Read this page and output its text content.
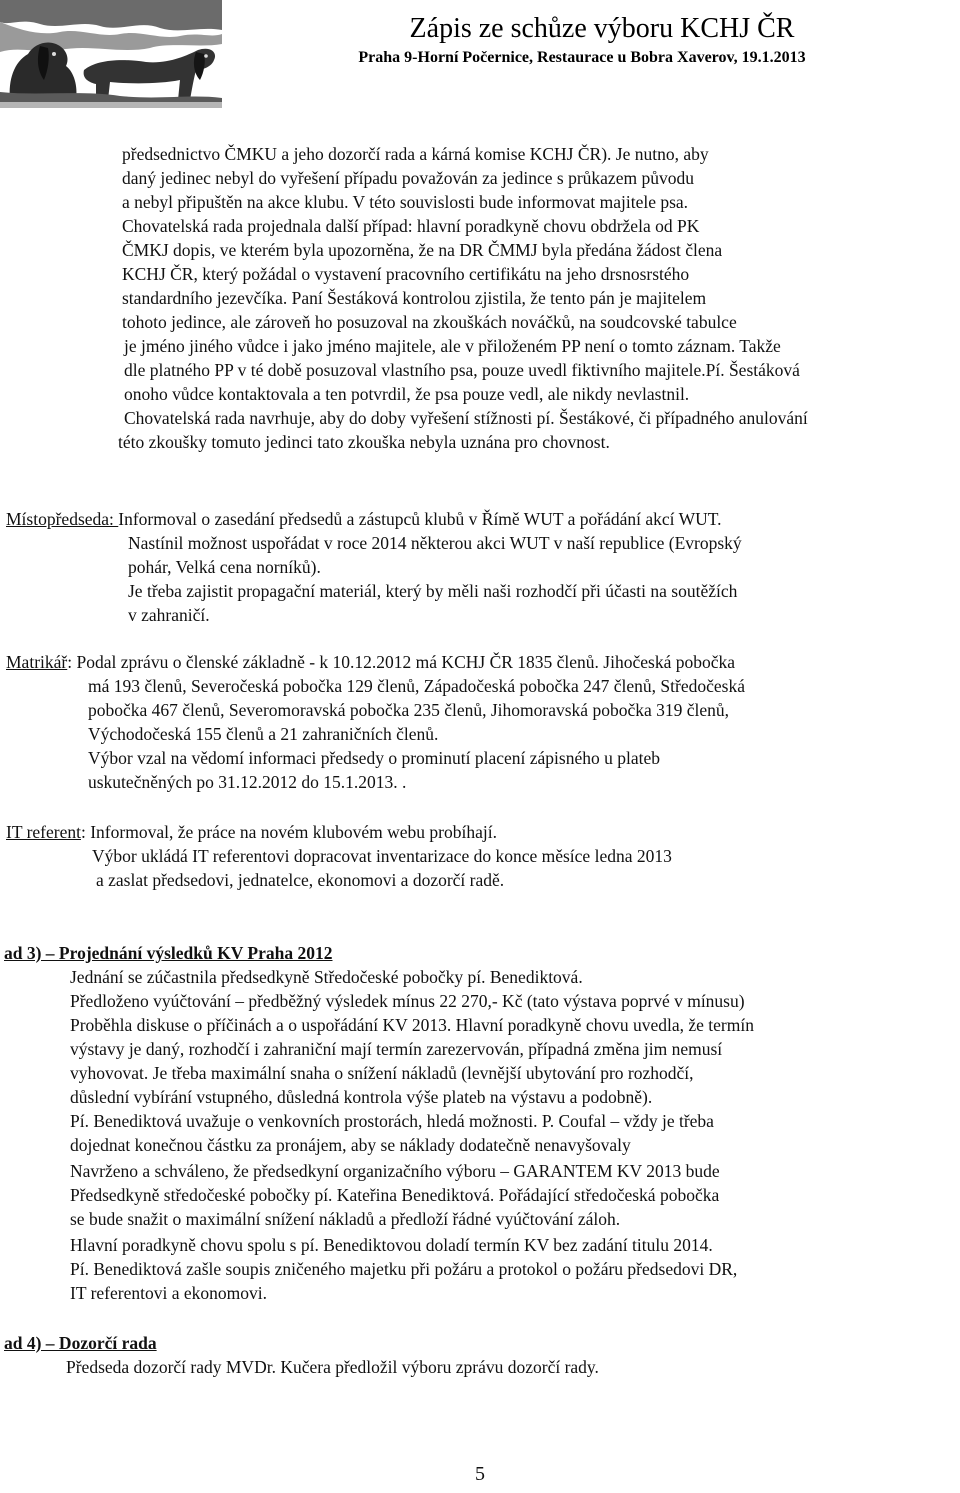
Zápis ze schůze výboru KCHJ ČR
Praha 9-Horní Počernice, Restaurace u Bobra Xaverov, 19.1.2013
předsednictvo ČMKU a jeho dozorčí rada a kárná komise KCHJ ČR). Je nutno, aby
daný jedinec nebyl do vyřešení případu považován za jedince s průkazem původu
a nebyl připuštěn na akce klubu. V této souvislosti bude informovat majitele psa.
Chovatelská rada projednala další případ: hlavní poradkyně chovu obdržela od PK
ČMKJ dopis, ve kterém byla upozorněna, že na DR ČMMJ byla předána žádost člena
KCHJ ČR, který požádal o vystavení pracovního certifikátu na jeho drsnosrstého
standardního jezevčíka. Paní Šestáková kontrolou zjistila, že tento pán je majitelem
tohoto jedince, ale zároveň ho posuzoval na zkouškách nováčků, na soudcovské tabulce
je jméno jiného vůdce i jako jméno majitele, ale v přiloženém PP není o tomto záznam. Takže
dle platného PP v té době posuzoval vlastního psa, pouze uvedl fiktivního majitele.Pí. Šestáková
onoho vůdce kontaktovala a ten potvrdil, že psa pouze vedl, ale nikdy nevlastnil.
Chovatelská rada navrhuje, aby do doby vyřešení stížnosti pí. Šestákové, či případného anulování
této zkoušky tomuto jedinci tato zkouška nebyla uznána pro chovnost.
Místopředseda: Informoval o zasedání předsedů a zástupců klubů v Římě WUT a pořádání akcí WUT.
Nastínil možnost uspořádat v roce 2014 některou akci WUT v naší republice (Evropský
pohár, Velká cena norníků).
Je třeba zajistit propagační materiál, který by měli naši rozhodčí při účasti na soutěžích
v zahraničí.
Matrikář: Podal zprávu o členské základně - k 10.12.2012 má KCHJ ČR 1835 členů. Jihočeská pobočka
má 193 členů, Severočeská pobočka 129 členů, Západočeská pobočka 247 členů, Středočeská
pobočka 467 členů, Severomoravská pobočka 235 členů, Jihomoravská pobočka 319 členů,
Východočeská 155 členů a 21 zahraničních členů.
Výbor vzal na vědomí informaci předsedy o prominutí placení zápisného u plateb
uskutečněných po 31.12.2012 do 15.1.2013. .
IT referent: Informoval, že práce na novém klubovém webu probíhají.
Výbor ukládá IT referentovi dopracovat inventarizace do konce měsíce ledna 2013
a zaslat předsedovi, jednatelce, ekonomovi a dozorčí radě.
ad 3) – Projednání výsledků KV Praha 2012
Jednání se zúčastnila předsedkyně Středočeské pobočky pí. Benediktová.
Předloženo vyúčtování – předběžný výsledek mínus 22 270,- Kč (tato výstava poprvé v mínusu)
Proběhla diskuse o příčinách a o uspořádání KV 2013. Hlavní poradkyně chovu uvedla, že termín
výstavy je daný, rozhodčí i zahraniční mají termín zarezervován, případná změna jim nemusí
vyhovovat. Je třeba maximální snaha o snížení nákladů (levnější ubytování pro rozhodčí,
důslední vybírání vstupného, důsledná kontrola výše plateb na výstavu a podobně).
Pí. Benediktová uvažuje o venkovních prostorách, hledá možnosti. P. Coufal – vždy je třeba
dojednat konečnou částku za pronájem, aby se náklady dodatečně nenavyšovaly
Navrženo a schváleno, že předsedkyní organizačního výboru – GARANTEM KV 2013 bude
Předsedkyně středočeské pobočky pí. Kateřina Benediktová. Pořádající středočeská pobočka
se bude snažit o maximální snížení nákladů a předloží řádné vyúčtování záloh.
Hlavní poradkyně chovu spolu s pí. Benediktovou doladí termín KV bez zadání titulu 2014.
Pí. Benediktová zašle soupis zničeného majetku při požáru a protokol o požáru předsedovi DR,
IT referentovi a ekonomovi.
ad 4) – Dozorčí rada
Předseda dozorčí rady MVDr. Kučera předložil výboru zprávu dozorčí rady.
5
